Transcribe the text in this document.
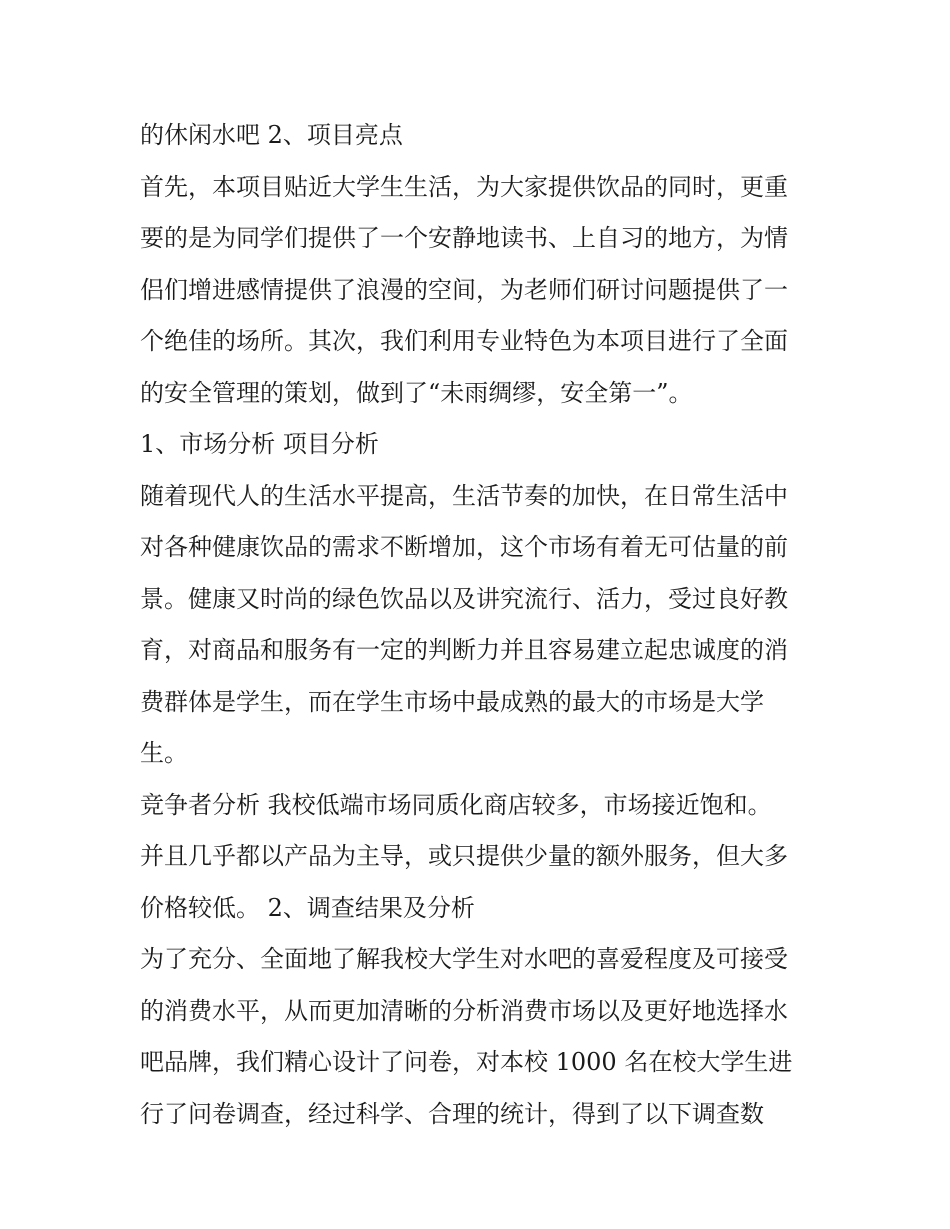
的休闲水吧 2、项目亮点
首先，本项目贴近大学生生活，为大家提供饮品的同时，更重
要的是为同学们提供了一个安静地读书、上自习的地方，为情
侣们增进感情提供了浪漫的空间，为老师们研讨问题提供了一
个绝佳的场所。其次，我们利用专业特色为本项目进行了全面
的安全管理的策划，做到了“未雨绸缪，安全第一”。
1、市场分析 项目分析
随着现代人的生活水平提高，生活节奏的加快，在日常生活中
对各种健康饮品的需求不断增加，这个市场有着无可估量的前
景。健康又时尚的绿色饮品以及讲究流行、活力，受过良好教
育，对商品和服务有一定的判断力并且容易建立起忠诚度的消
费群体是学生，而在学生市场中最成熟的最大的市场是大学
生。
竞争者分析 我校低端市场同质化商店较多，市场接近饱和。
并且几乎都以产品为主导，或只提供少量的额外服务，但大多
价格较低。 2、调查结果及分析
为了充分、全面地了解我校大学生对水吧的喜爱程度及可接受
的消费水平，从而更加清晰的分析消费市场以及更好地选择水
吧品牌，我们精心设计了问卷，对本校 1000 名在校大学生进
行了问卷调查，经过科学、合理的统计，得到了以下调查数
